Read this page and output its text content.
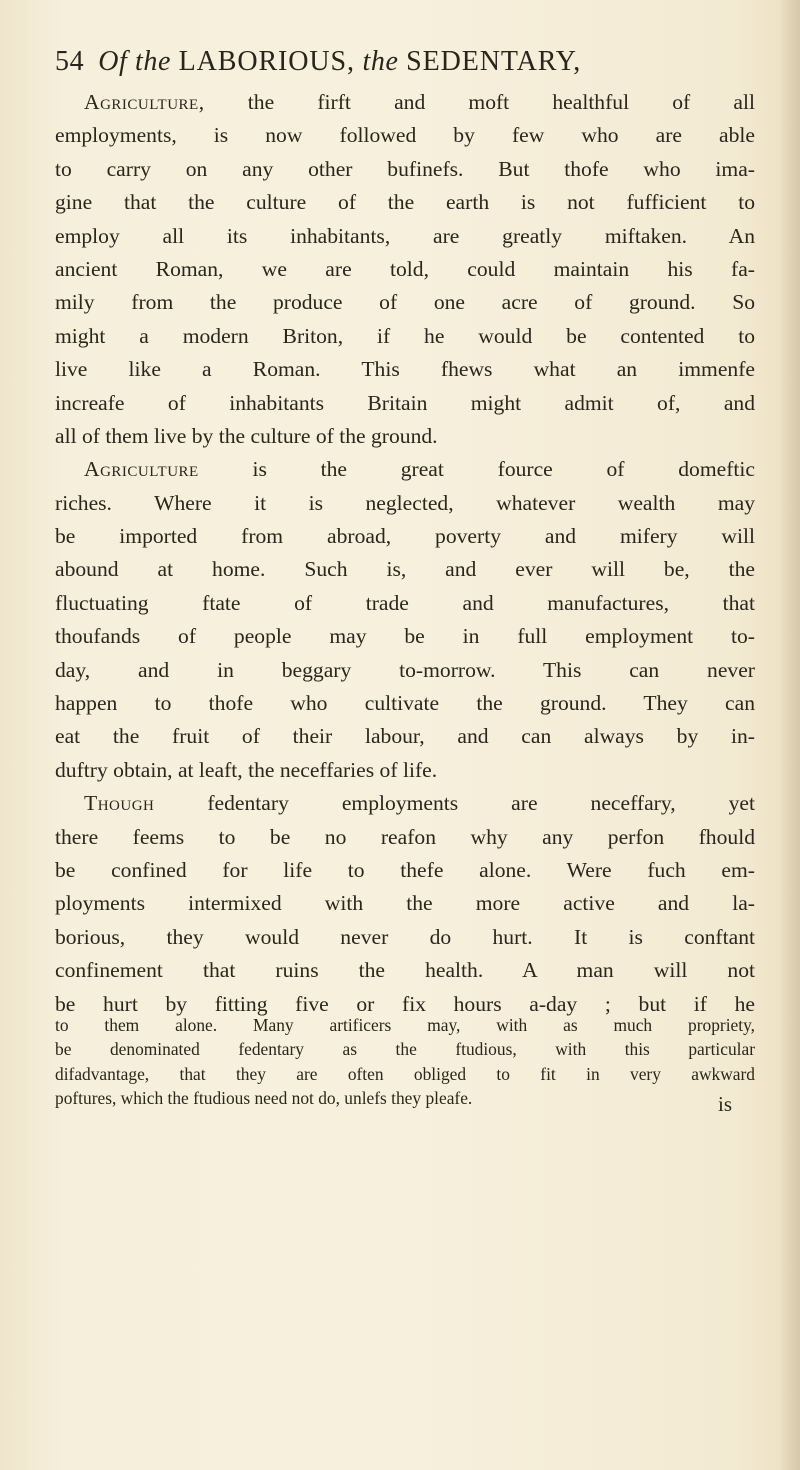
54 Of the LABORIOUS, the SEDENTARY,
Agriculture, the firft and moft healthful of all
employments, is now followed by few who are able
to carry on any other bufinefs. But thofe who ima-
gine that the culture of the earth is not fufficient to
employ all its inhabitants, are greatly miftaken. An
ancient Roman, we are told, could maintain his fa-
mily from the produce of one acre of ground. So
might a modern Briton, if he would be contented to
live like a Roman. This fhews what an immenfe
increafe of inhabitants Britain might admit of, and
all of them live by the culture of the ground.
Agriculture is the great fource of domeftic
riches. Where it is neglected, whatever wealth may
be imported from abroad, poverty and mifery will
abound at home. Such is, and ever will be, the
fluctuating ftate of trade and manufactures, that
thoufands of people may be in full employment to-
day, and in beggary to-morrow. This can never
happen to thofe who cultivate the ground. They can
eat the fruit of their labour, and can always by in-
duftry obtain, at leaft, the neceffaries of life.
Though fedentary employments are neceffary, yet
there feems to be no reafon why any perfon fhould
be confined for life to thefe alone. Were fuch em-
ployments intermixed with the more active and la-
borious, they would never do hurt. It is conftant
confinement that ruins the health. A man will not
be hurt by fitting five or fix hours a-day ; but if he
to them alone. Many artificers may, with as much propriety,
be denominated fedentary as the ftudious, with this particular
difadvantage, that they are often obliged to fit in very awkward
poftures, which the ftudious need not do, unlefs they pleafe.	is
